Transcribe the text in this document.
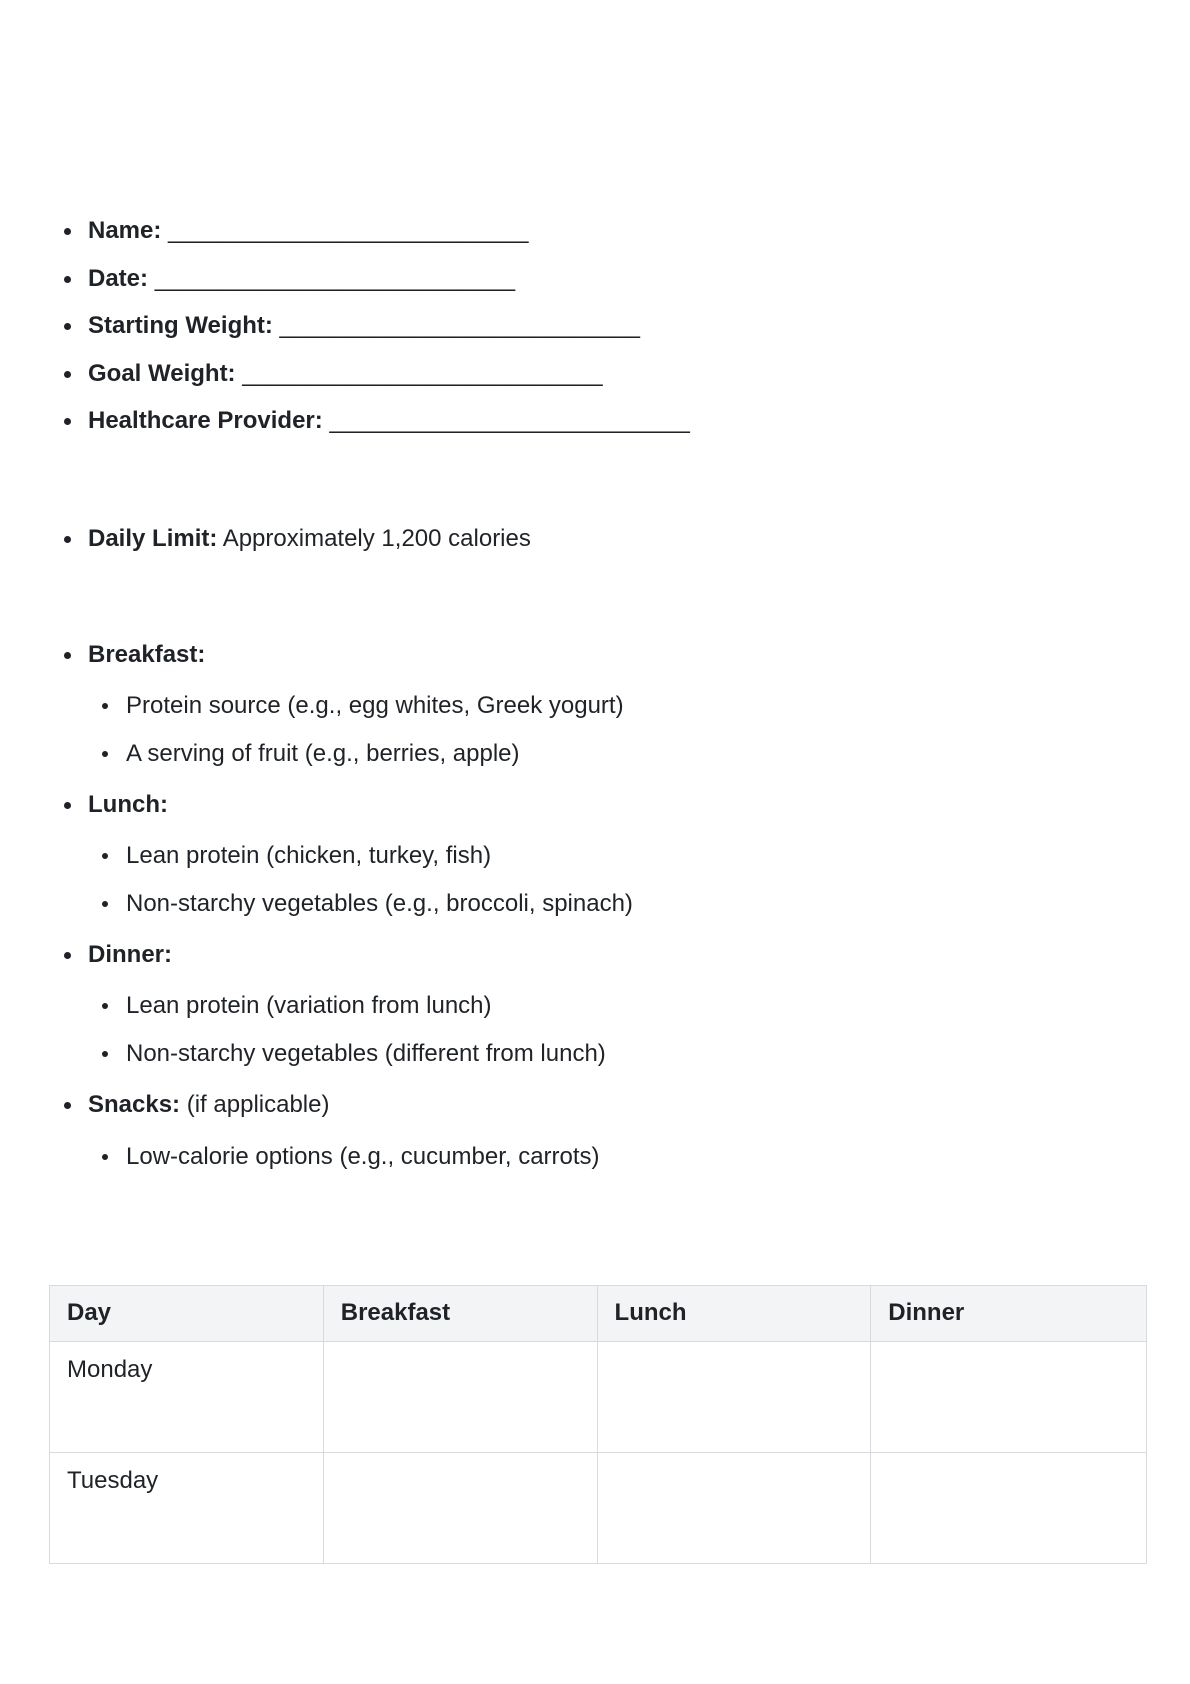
Name: ___________________________
Date: ___________________________
Starting Weight: ___________________________
Goal Weight: ___________________________
Healthcare Provider: ___________________________
Daily Limit: Approximately 1,200 calories
Breakfast:
Protein source (e.g., egg whites, Greek yogurt)
A serving of fruit (e.g., berries, apple)
Lunch:
Lean protein (chicken, turkey, fish)
Non-starchy vegetables (e.g., broccoli, spinach)
Dinner:
Lean protein (variation from lunch)
Non-starchy vegetables (different from lunch)
Snacks: (if applicable)
Low-calorie options (e.g., cucumber, carrots)
Day	Breakfast	Lunch	Dinner
Monday			
Tuesday			
